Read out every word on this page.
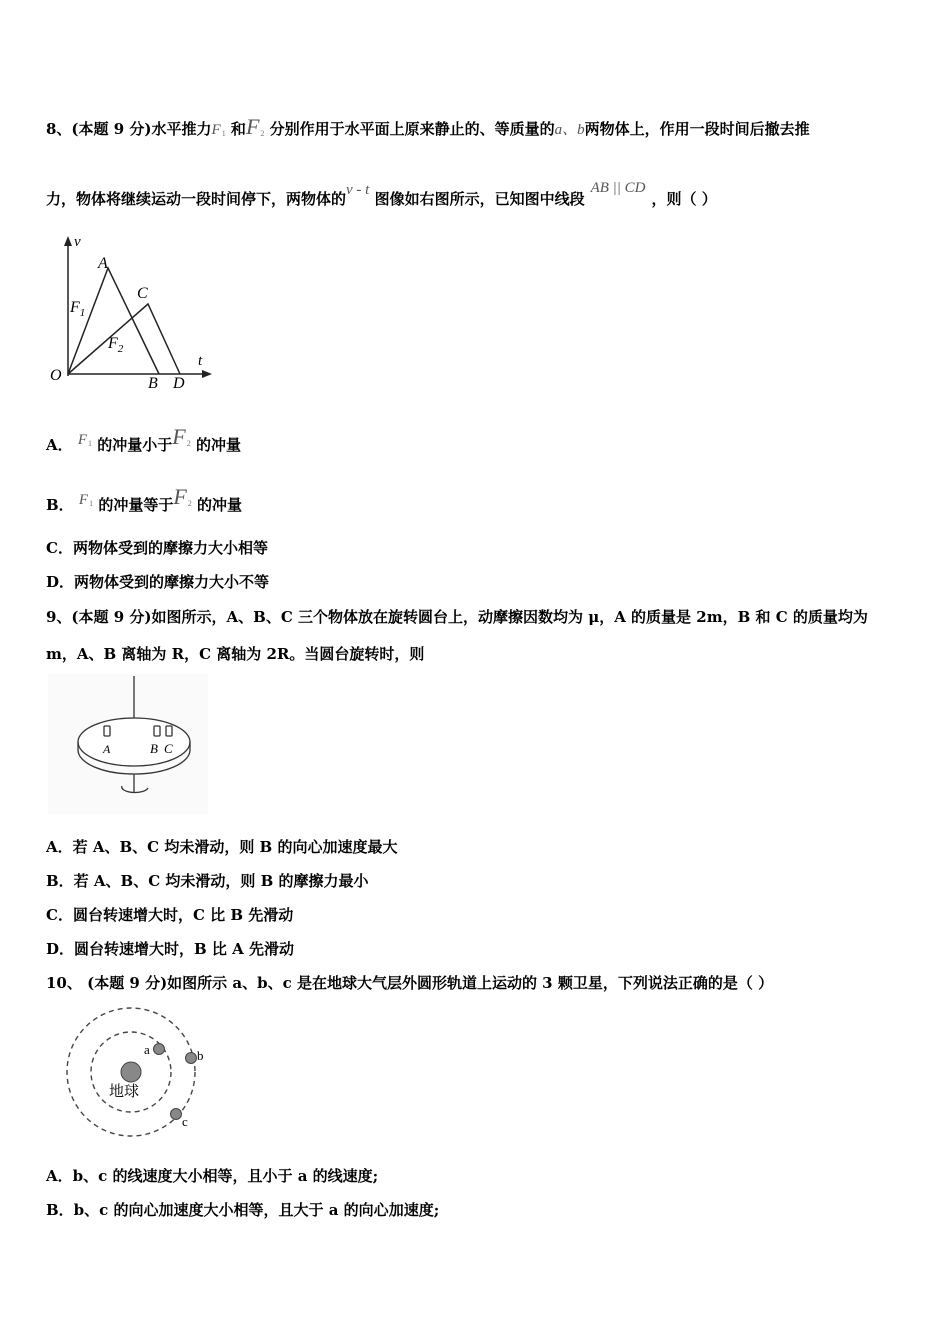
8、(本题 9 分)水平推力$F_1$ 和$F_2$ 分别作用于水平面上原来静止的、等质量的a、b两物体上，作用一段时间后撤去推
力，物体将继续运动一段时间停下，两物体的v - t 图像如右图所示，已知图中线段AB || CD，则（ ）
v
t
O
A
B
C
D
$F_1$
$F_2$
A． $F_1$ 的冲量小于$F_2$ 的冲量
B． $F_1$ 的冲量等于$F_2$ 的冲量
C．两物体受到的摩擦力大小相等
D．两物体受到的摩擦力大小不等
9、(本题 9 分)如图所示，A、B、C 三个物体放在旋转圆台上，动摩擦因数均为 μ，A 的质量是 2m，B 和 C 的质量均为
m，A、B 离轴为 R，C 离轴为 2R。当圆台旋转时，则
A	B C
A．若 A、B、C 均未滑动，则 B 的向心加速度最大
B．若 A、B、C 均未滑动，则 B 的摩擦力最小
C．圆台转速增大时，C 比 B 先滑动
D．圆台转速增大时，B 比 A 先滑动
10、 (本题 9 分)如图所示 a、b、c 是在地球大气层外圆形轨道上运动的 3 颗卫星，下列说法正确的是（ ）
地球
a	b
c
A．b、c 的线速度大小相等，且小于 a 的线速度;
B．b、c 的向心加速度大小相等，且大于 a 的向心加速度;
